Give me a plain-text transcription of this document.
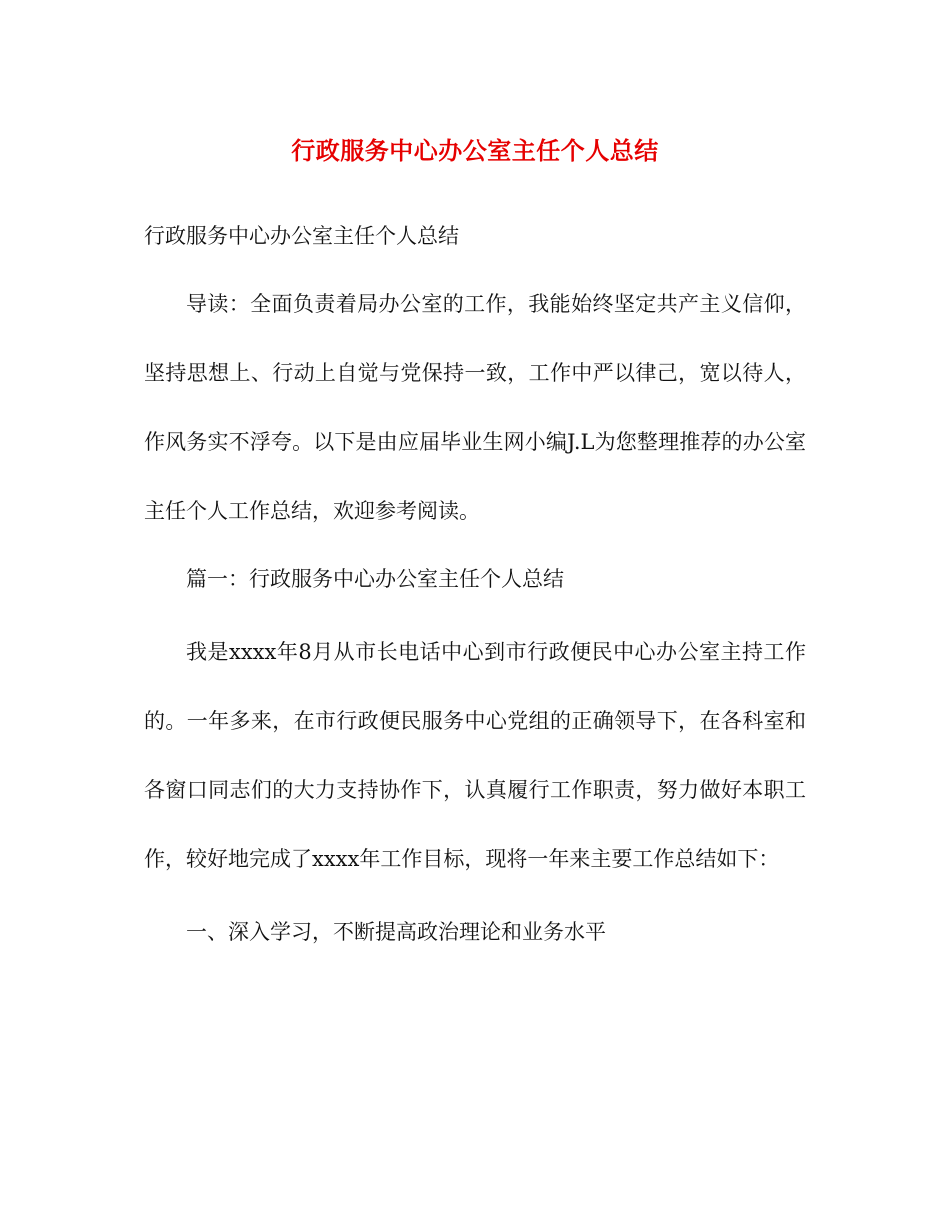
行政服务中心办公室主任个人总结

行政服务中心办公室主任个人总结

导读：全面负责着局办公室的工作，我能始终坚定共产主义信仰，坚持思想上、行动上自觉与党保持一致，工作中严以律己，宽以待人，作风务实不浮夸。以下是由应届毕业生网小编J.L为您整理推荐的办公室主任个人工作总结，欢迎参考阅读。

篇一：行政服务中心办公室主任个人总结

我是xxxx年8月从市长电话中心到市行政便民中心办公室主持工作的。一年多来，在市行政便民服务中心党组的正确领导下，在各科室和各窗口同志们的大力支持协作下，认真履行工作职责，努力做好本职工作，较好地完成了xxxx年工作目标，现将一年来主要工作总结如下：

一、深入学习，不断提高政治理论和业务水平
